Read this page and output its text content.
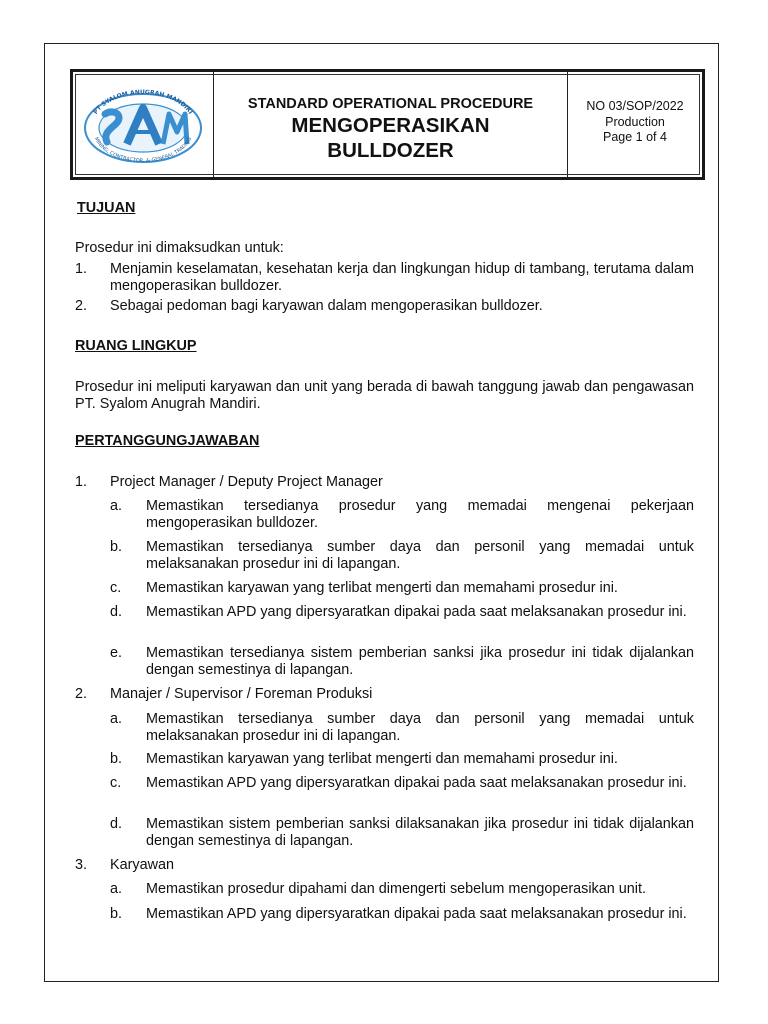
PT SYALOM ANUGRAH MANDIRI
MINING, CONTRACTOR, & GENERAL TRADING
STANDARD OPERATIONAL PROCEDURE
MENGOPERASIKAN
BULLDOZER
NO 03/SOP/2022
Production
Page 1 of 4
TUJUAN
Prosedur ini dimaksudkan untuk:
1. Menjamin keselamatan, kesehatan kerja dan lingkungan hidup di tambang, terutama dalam mengoperasikan bulldozer.
2. Sebagai pedoman bagi karyawan dalam mengoperasikan bulldozer.
RUANG LINGKUP
Prosedur ini meliputi karyawan dan unit yang berada di bawah tanggung jawab dan pengawasan PT. Syalom Anugrah Mandiri.
PERTANGGUNGJAWABAN
1. Project Manager / Deputy Project Manager
a. Memastikan tersedianya prosedur yang memadai mengenai pekerjaan mengoperasikan bulldozer.
b. Memastikan tersedianya sumber daya dan personil yang memadai untuk melaksanakan prosedur ini di lapangan.
c. Memastikan karyawan yang terlibat mengerti dan memahami prosedur ini.
d. Memastikan APD yang dipersyaratkan dipakai pada saat melaksanakan prosedur ini.
e. Memastikan tersedianya sistem pemberian sanksi jika prosedur ini tidak dijalankan dengan semestinya di lapangan.
2. Manajer / Supervisor / Foreman Produksi
a. Memastikan tersedianya sumber daya dan personil yang memadai untuk melaksanakan prosedur ini di lapangan.
b. Memastikan karyawan yang terlibat mengerti dan memahami prosedur ini.
c. Memastikan APD yang dipersyaratkan dipakai pada saat melaksanakan prosedur ini.
d. Memastikan sistem pemberian sanksi dilaksanakan jika prosedur ini tidak dijalankan dengan semestinya di lapangan.
3. Karyawan
a. Memastikan prosedur dipahami dan dimengerti sebelum mengoperasikan unit.
b. Memastikan APD yang dipersyaratkan dipakai pada saat melaksanakan prosedur ini.
